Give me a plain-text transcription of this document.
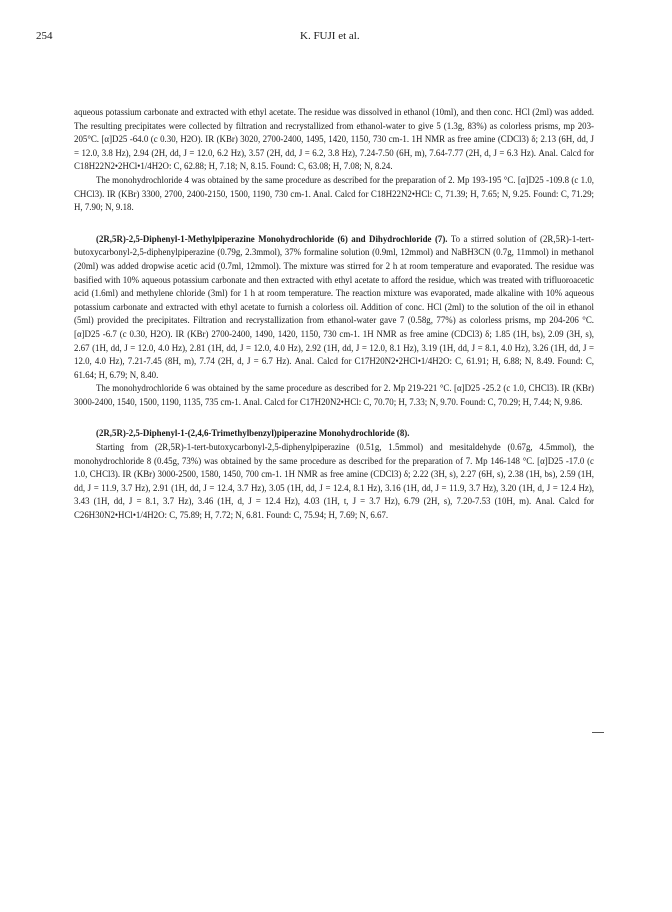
254	K. FUJI et al.

aqueous potassium carbonate and extracted with ethyl acetate. The residue was dissolved in ethanol (10ml), and then conc. HCl (2ml) was added. The resulting precipitates were collected by filtration and recrystallized from ethanol-water to give 5 (1.3g, 83%) as colorless prisms, mp 203-205°C. [α]D25 -64.0 (c 0.30, H2O). IR (KBr) 3020, 2700-2400, 1495, 1420, 1150, 730 cm-1. 1H NMR as free amine (CDCl3) δ; 2.13 (6H, dd, J = 12.0, 3.8 Hz), 2.94 (2H, dd, J = 12.0, 6.2 Hz), 3.57 (2H, dd, J = 6.2, 3.8 Hz), 7.24-7.50 (6H, m), 7.64-7.77 (2H, d, J = 6.3 Hz). Anal. Calcd for C18H22N2•2HCl•1/4H2O: C, 62.88; H, 7.18; N, 8.15. Found: C, 63.08; H, 7.08; N, 8.24.

The monohydrochloride 4 was obtained by the same procedure as described for the preparation of 2. Mp 193-195 °C. [α]D25 -109.8 (c 1.0, CHCl3). IR (KBr) 3300, 2700, 2400-2150, 1500, 1190, 730 cm-1. Anal. Calcd for C18H22N2•HCl: C, 71.39; H, 7.65; N, 9.25. Found: C, 71.29; H, 7.90; N, 9.18.

(2R,5R)-2,5-Diphenyl-1-Methylpiperazine Monohydrochloride (6) and Dihydrochloride (7). To a stirred solution of (2R,5R)-1-tert-butoxycarbonyl-2,5-diphenylpiperazine (0.79g, 2.3mmol), 37% formaline solution (0.9ml, 12mmol) and NaBH3CN (0.7g, 11mmol) in methanol (20ml) was added dropwise acetic acid (0.7ml, 12mmol). The mixture was stirred for 2 h at room temperature and evaporated. The residue was basified with 10% aqueous potassium carbonate and then extracted with ethyl acetate to afford the residue, which was treated with trifluoroacetic acid (1.6ml) and methylene chloride (3ml) for 1 h at room temperature. The reaction mixture was evaporated, made alkaline with 10% aqueous potassium carbonate and extracted with ethyl acetate to furnish a colorless oil. Addition of conc. HCl (2ml) to the solution of the oil in ethanol (5ml) provided the precipitates. Filtration and recrystallization from ethanol-water gave 7 (0.58g, 77%) as colorless prisms, mp 204-206 °C. [α]D25 -6.7 (c 0.30, H2O). IR (KBr) 2700-2400, 1490, 1420, 1150, 730 cm-1. 1H NMR as free amine (CDCl3) δ; 1.85 (1H, bs), 2.09 (3H, s), 2.67 (1H, dd, J = 12.0, 4.0 Hz), 2.81 (1H, dd, J = 12.0, 4.0 Hz), 2.92 (1H, dd, J = 12.0, 8.1 Hz), 3.19 (1H, dd, J = 8.1, 4.0 Hz), 3.26 (1H, dd, J = 12.0, 4.0 Hz), 7.21-7.45 (8H, m), 7.74 (2H, d, J = 6.7 Hz). Anal. Calcd for C17H20N2•2HCl•1/4H2O: C, 61.91; H, 6.88; N, 8.49. Found: C, 61.64; H, 6.79; N, 8.40.

The monohydrochloride 6 was obtained by the same procedure as described for 2. Mp 219-221 °C. [α]D25 -25.2 (c 1.0, CHCl3). IR (KBr) 3000-2400, 1540, 1500, 1190, 1135, 735 cm-1. Anal. Calcd for C17H20N2•HCl: C, 70.70; H, 7.33; N, 9.70. Found: C, 70.29; H, 7.44; N, 9.86.

(2R,5R)-2,5-Diphenyl-1-(2,4,6-Trimethylbenzyl)piperazine Monohydrochloride (8).

Starting from (2R,5R)-1-tert-butoxycarbonyl-2,5-diphenylpiperazine (0.51g, 1.5mmol) and mesitaldehyde (0.67g, 4.5mmol), the monohydrochloride 8 (0.45g, 73%) was obtained by the same procedure as described for the preparation of 7. Mp 146-148 °C. [α]D25 -17.0 (c 1.0, CHCl3). IR (KBr) 3000-2500, 1580, 1450, 700 cm-1. 1H NMR as free amine (CDCl3) δ; 2.22 (3H, s), 2.27 (6H, s), 2.38 (1H, bs), 2.59 (1H, dd, J = 11.9, 3.7 Hz), 2.91 (1H, dd, J = 12.4, 3.7 Hz), 3.05 (1H, dd, J = 12.4, 8.1 Hz), 3.16 (1H, dd, J = 11.9, 3.7 Hz), 3.20 (1H, d, J = 12.4 Hz), 3.43 (1H, dd, J = 8.1, 3.7 Hz), 3.46 (1H, d, J = 12.4 Hz), 4.03 (1H, t, J = 3.7 Hz), 6.79 (2H, s), 7.20-7.53 (10H, m). Anal. Calcd for C26H30N2•HCl•1/4H2O: C, 75.89; H, 7.72; N, 6.81. Found: C, 75.94; H, 7.69; N, 6.67.
